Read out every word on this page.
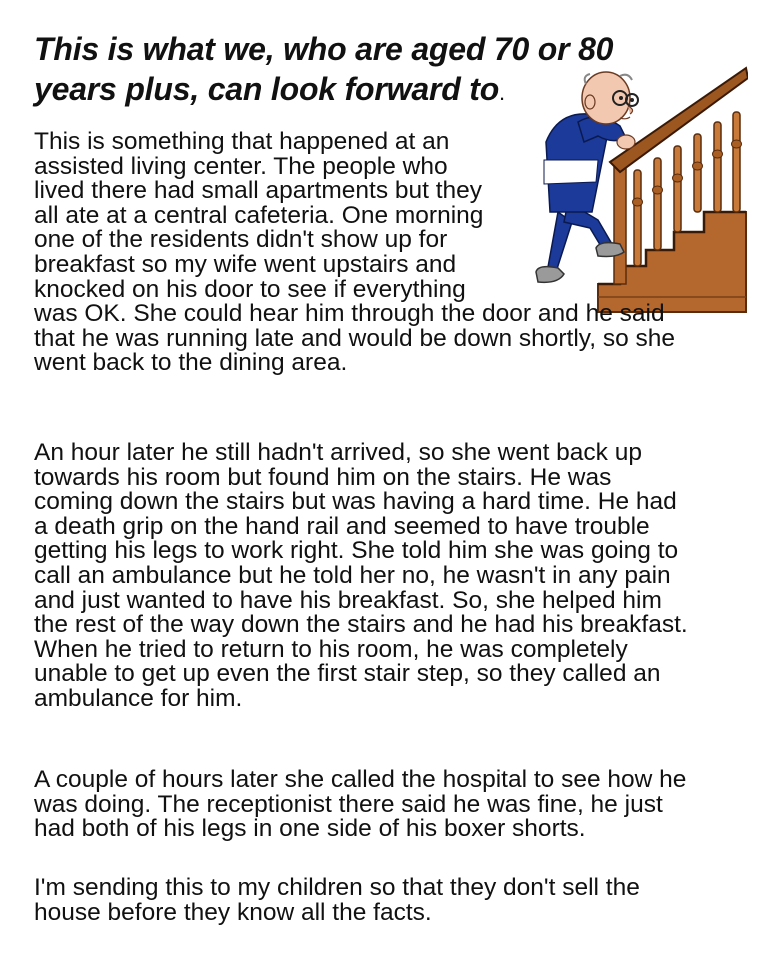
This is what we, who are aged 70 or 80
years plus, can look forward to.

This is something that happened at an
assisted living center. The people who
lived there had small apartments but they
all ate at a central cafeteria. One morning
one of the residents didn't show up for
breakfast so my wife went upstairs and
knocked on his door to see if everything
was OK. She could hear him through the door and he said
that he was running late and would be down shortly, so she
went back to the dining area.

An hour later he still hadn't arrived, so she went back up
towards his room but found him on the stairs. He was
coming down the stairs but was having a hard time. He had
a death grip on the hand rail and seemed to have trouble
getting his legs to work right. She told him she was going to
call an ambulance but he told her no, he wasn't in any pain
and just wanted to have his breakfast. So, she helped him
the rest of the way down the stairs and he had his breakfast.
When he tried to return to his room, he was completely
unable to get up even the first stair step, so they called an
ambulance for him.

A couple of hours later she called the hospital to see how he
was doing. The receptionist there said he was fine, he just
had both of his legs in one side of his boxer shorts.

I'm sending this to my children so that they don't sell the
house before they know all the facts.
